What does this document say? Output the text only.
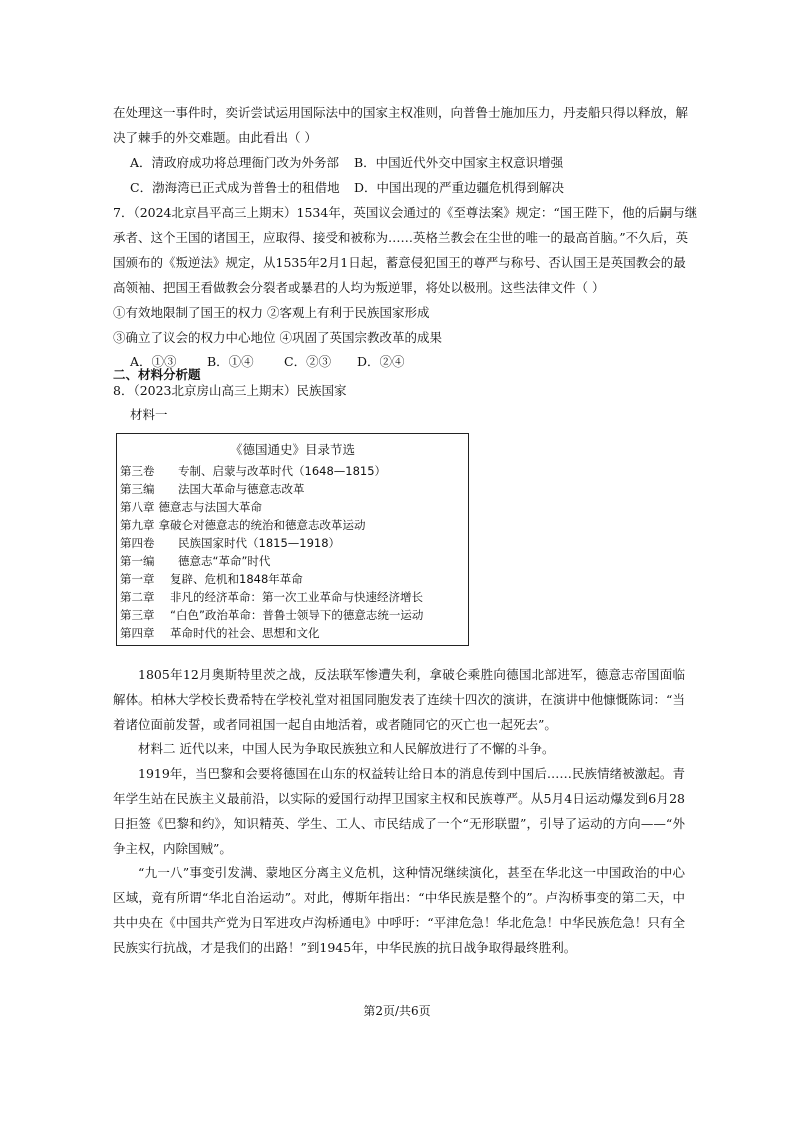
在处理这一事件时，奕䜣尝试运用国际法中的国家主权准则，向普鲁士施加压力，丹麦船只得以释放，解
决了棘手的外交难题。由此看出（ ）
A．清政府成功将总理衙门改为外务部 B．中国近代外交中国家主权意识增强
C．渤海湾已正式成为普鲁士的租借地 D．中国出现的严重边疆危机得到解决
7．（2024北京昌平高三上期末）1534年，英国议会通过的《至尊法案》规定：“国王陛下，他的后嗣与继
承者、这个王国的诸国王，应取得、接受和被称为……英格兰教会在尘世的唯一的最高首脑。”不久后，英
国颁布的《叛逆法》规定，从1535年2月1日起，蓄意侵犯国王的尊严与称号、否认国王是英国教会的最
高领袖、把国王看做教会分裂者或暴君的人均为叛逆罪，将处以极刑。这些法律文件（ ）
①有效地限制了国王的权力 ②客观上有利于民族国家形成
③确立了议会的权力中心地位 ④巩固了英国宗教改革的成果
A．①③ B．①④ C．②③ D．②④
二、材料分析题
8．（2023北京房山高三上期末）民族国家
材料一
《德国通史》目录节选
第三卷 专制、启蒙与改革时代（1648—1815）
第三编 法国大革命与德意志改革
第八章 德意志与法国大革命
第九章 拿破仑对德意志的统治和德意志改革运动
第四卷 民族国家时代（1815—1918）
第一编 德意志“革命”时代
第一章 复辟、危机和1848年革命
第二章 非凡的经济革命：第一次工业革命与快速经济增长
第三章 “白色”政治革命：普鲁士领导下的德意志统一运动
第四章 革命时代的社会、思想和文化
1805年12月奥斯特里茨之战，反法联军惨遭失利，拿破仑乘胜向德国北部进军，德意志帝国面临解体。柏林大学校长费希特在学校礼堂对祖国同胞发表了连续十四次的演讲，在演讲中他慷慨陈词：“当着诸位面前发誓，或者同祖国一起自由地活着，或者随同它的灭亡也一起死去”。
材料二 近代以来，中国人民为争取民族独立和人民解放进行了不懈的斗争。
1919年，当巴黎和会要将德国在山东的权益转让给日本的消息传到中国后……民族情绪被激起。青年学生站在民族主义最前沿，以实际的爱国行动捍卫国家主权和民族尊严。从5月4日运动爆发到6月28日拒签《巴黎和约》，知识精英、学生、工人、市民结成了一个“无形联盟”，引导了运动的方向——“外争主权，内除国贼”。
“九一八”事变引发满、蒙地区分离主义危机，这种情况继续演化，甚至在华北这一中国政治的中心区域，竟有所谓“华北自治运动”。对此，傅斯年指出：“中华民族是整个的”。卢沟桥事变的第二天，中共中央在《中国共产党为日军进攻卢沟桥通电》中呼吁：“平津危急！华北危急！中华民族危急！只有全民族实行抗战，才是我们的出路！”到1945年，中华民族的抗日战争取得最终胜利。
第2页/共6页
